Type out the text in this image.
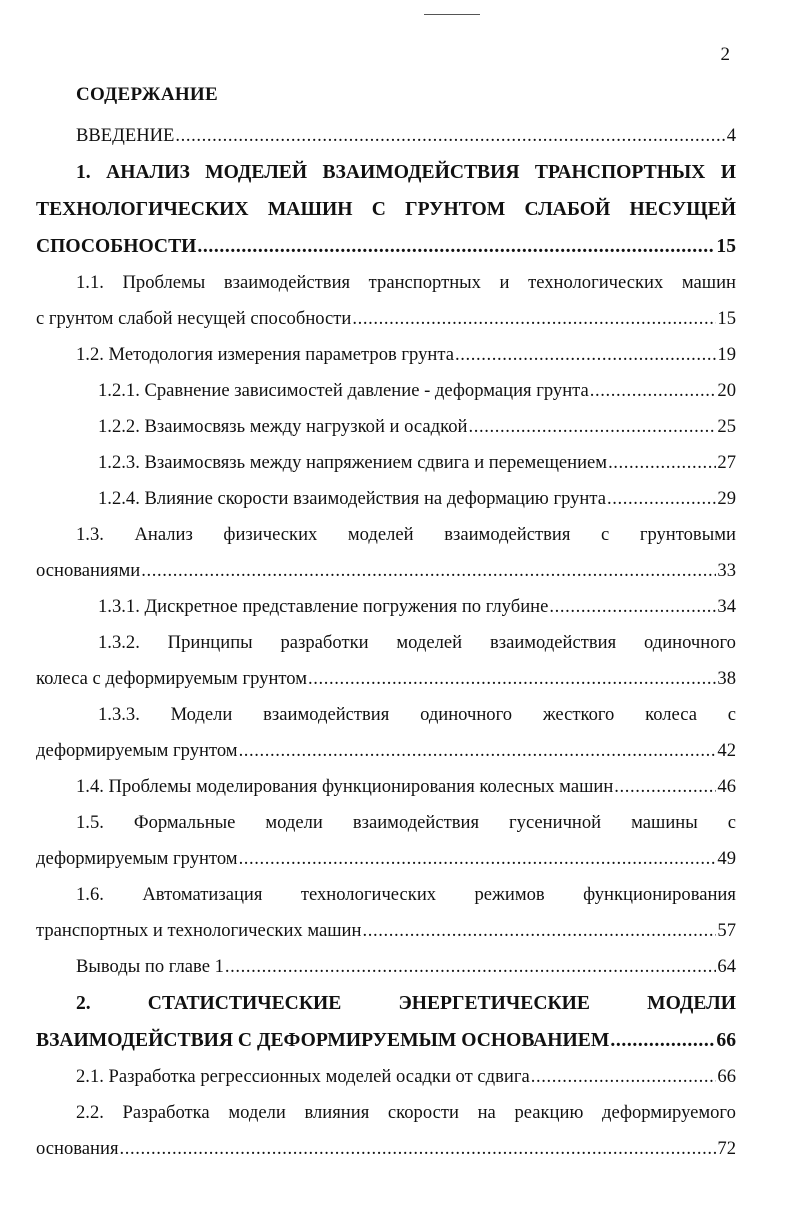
2
СОДЕРЖАНИЕ
ВВЕДЕНИЕ .....	4
1. АНАЛИЗ МОДЕЛЕЙ ВЗАИМОДЕЙСТВИЯ ТРАНСПОРТНЫХ И
ТЕХНОЛОГИЧЕСКИХ МАШИН С ГРУНТОМ СЛАБОЙ НЕСУЩЕЙ
СПОСОБНОСТИ .....	15
1.1. Проблемы взаимодействия транспортных и технологических машин
с грунтом слабой несущей способности .....	15
1.2. Методология измерения параметров грунта .....	19
1.2.1. Сравнение зависимостей давление - деформация грунта .....	20
1.2.2. Взаимосвязь между нагрузкой и осадкой .....	25
1.2.3. Взаимосвязь между напряжением сдвига и перемещением .....	27
1.2.4. Влияние скорости взаимодействия на деформацию грунта .....	29
1.3. Анализ физических моделей взаимодействия с грунтовыми
основаниями .....	33
1.3.1. Дискретное представление погружения по глубине .....	34
1.3.2. Принципы разработки моделей взаимодействия одиночного
колеса с деформируемым грунтом .....	38
1.3.3. Модели взаимодействия одиночного жесткого колеса с
деформируемым грунтом .....	42
1.4. Проблемы моделирования функционирования колесных машин .....	46
1.5. Формальные модели взаимодействия гусеничной машины с
деформируемым грунтом .....	49
1.6. Автоматизация технологических режимов функционирования
транспортных и технологических машин .....	57
Выводы по главе 1 .....	64
2.	СТАТИСТИЧЕСКИЕ	ЭНЕРГЕТИЧЕСКИЕ	МОДЕЛИ
ВЗАИМОДЕЙСТВИЯ С ДЕФОРМИРУЕМЫМ ОСНОВАНИЕМ .....	66
2.1. Разработка регрессионных моделей осадки от сдвига .....	66
2.2. Разработка модели влияния скорости на реакцию деформируемого
основания .....	72
